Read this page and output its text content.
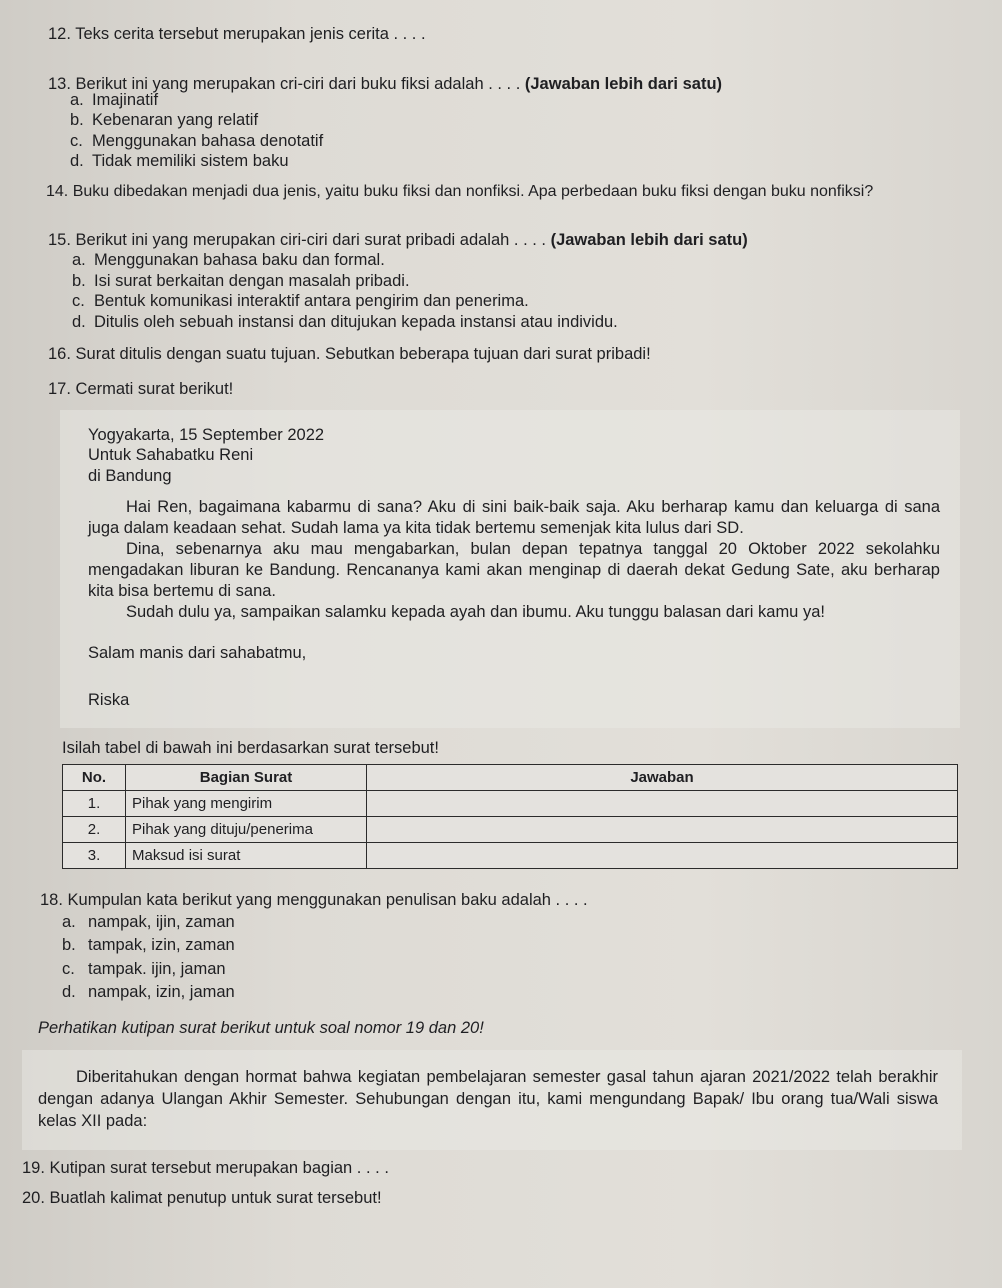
12. Teks cerita tersebut merupakan jenis cerita . . . .
13. Berikut ini yang merupakan cri-ciri dari buku fiksi adalah . . . . (Jawaban lebih dari satu)
a. Imajinatif
b. Kebenaran yang relatif
c. Menggunakan bahasa denotatif
d. Tidak memiliki sistem baku
14. Buku dibedakan menjadi dua jenis, yaitu buku fiksi dan nonfiksi. Apa perbedaan buku fiksi dengan buku nonfiksi?
15. Berikut ini yang merupakan ciri-ciri dari surat pribadi adalah . . . . (Jawaban lebih dari satu)
a. Menggunakan bahasa baku dan formal.
b. Isi surat berkaitan dengan masalah pribadi.
c. Bentuk komunikasi interaktif antara pengirim dan penerima.
d. Ditulis oleh sebuah instansi dan ditujukan kepada instansi atau individu.
16. Surat ditulis dengan suatu tujuan. Sebutkan beberapa tujuan dari surat pribadi!
17. Cermati surat berikut!
Yogyakarta, 15 September 2022
Untuk Sahabatku Reni
di Bandung

Hai Ren, bagaimana kabarmu di sana? Aku di sini baik-baik saja. Aku berharap kamu dan keluarga di sana juga dalam keadaan sehat. Sudah lama ya kita tidak bertemu semenjak kita lulus dari SD.

Dina, sebenarnya aku mau mengabarkan, bulan depan tepatnya tanggal 20 Oktober 2022 sekolahku mengadakan liburan ke Bandung. Rencananya kami akan menginap di daerah dekat Gedung Sate, aku berharap kita bisa bertemu di sana.

Sudah dulu ya, sampaikan salamku kepada ayah dan ibumu. Aku tunggu balasan dari kamu ya!

Salam manis dari sahabatmu,
Riska
Isilah tabel di bawah ini berdasarkan surat tersebut!
No.	Bagian Surat	Jawaban
1.	Pihak yang mengirim	
2.	Pihak yang dituju/penerima	
3.	Maksud isi surat	
18. Kumpulan kata berikut yang menggunakan penulisan baku adalah . . . .
a. nampak, ijin, zaman
b. tampak, izin, zaman
c. tampak. ijin, jaman
d. nampak, izin, jaman
Perhatikan kutipan surat berikut untuk soal nomor 19 dan 20!

Diberitahukan dengan hormat bahwa kegiatan pembelajaran semester gasal tahun ajaran 2021/2022 telah berakhir dengan adanya Ulangan Akhir Semester. Sehubungan dengan itu, kami mengundang Bapak/ Ibu orang tua/Wali siswa kelas XII pada:

19. Kutipan surat tersebut merupakan bagian . . . .
20. Buatlah kalimat penutup untuk surat tersebut!
